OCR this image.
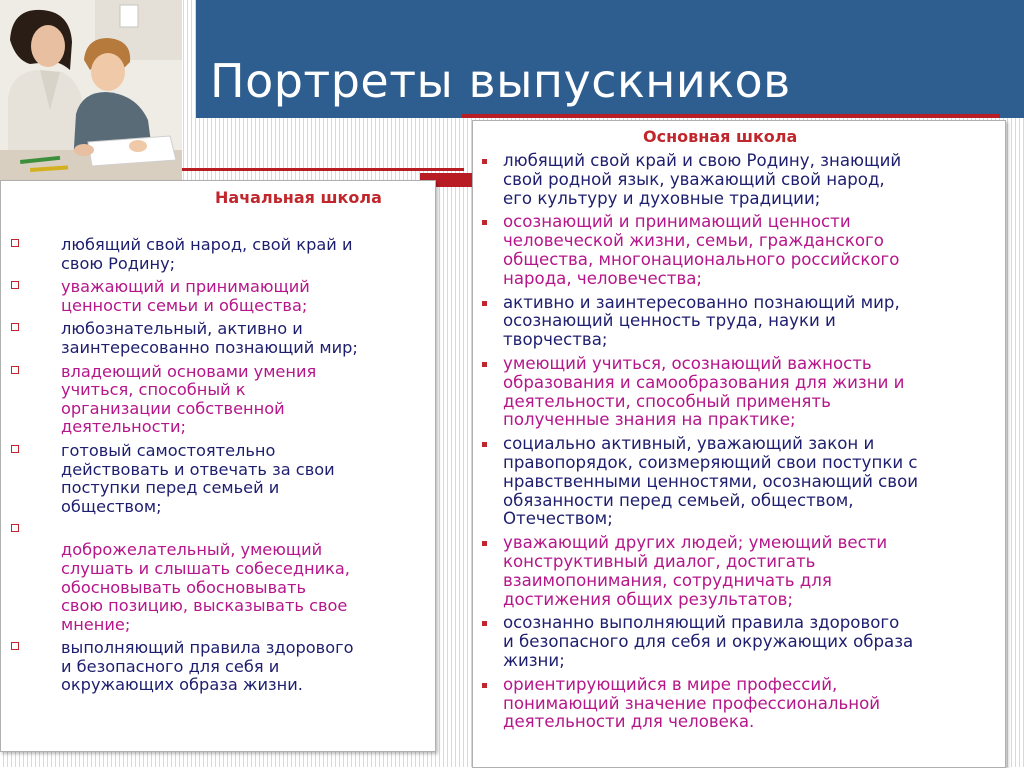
Портреты выпускников
Начальная школа
любящий свой народ, свой край и
свою Родину;
уважающий и принимающий
ценности семьи и общества;
любознательный, активно и
заинтересованно познающий мир;
владеющий основами умения
учиться, способный к
организации собственной
деятельности;
готовый самостоятельно
действовать и отвечать за свои
поступки перед семьей и
обществом;
доброжелательный, умеющий
слушать и слышать собеседника,
обосновывать обосновывать
свою позицию, высказывать свое
мнение;
выполняющий правила здорового
и безопасного для себя и
окружающих образа жизни.
Основная школа
любящий свой край и свою Родину, знающий
свой родной язык, уважающий свой народ,
его культуру и духовные традиции;
осознающий и принимающий ценности
человеческой жизни, семьи, гражданского
общества, многонационального российского
народа, человечества;
активно и заинтересованно познающий мир,
осознающий ценность труда, науки и
творчества;
умеющий учиться, осознающий важность
образования и самообразования для жизни и
деятельности, способный применять
полученные знания на практике;
социально активный, уважающий закон и
правопорядок, соизмеряющий свои поступки с
нравственными ценностями, осознающий свои
обязанности перед семьей, обществом,
Отечеством;
уважающий других людей; умеющий вести
конструктивный диалог, достигать
взаимопонимания, сотрудничать для
достижения общих результатов;
осознанно выполняющий правила здорового
и безопасного для себя и окружающих образа
жизни;
ориентирующийся в мире профессий,
понимающий значение профессиональной
деятельности для человека.
